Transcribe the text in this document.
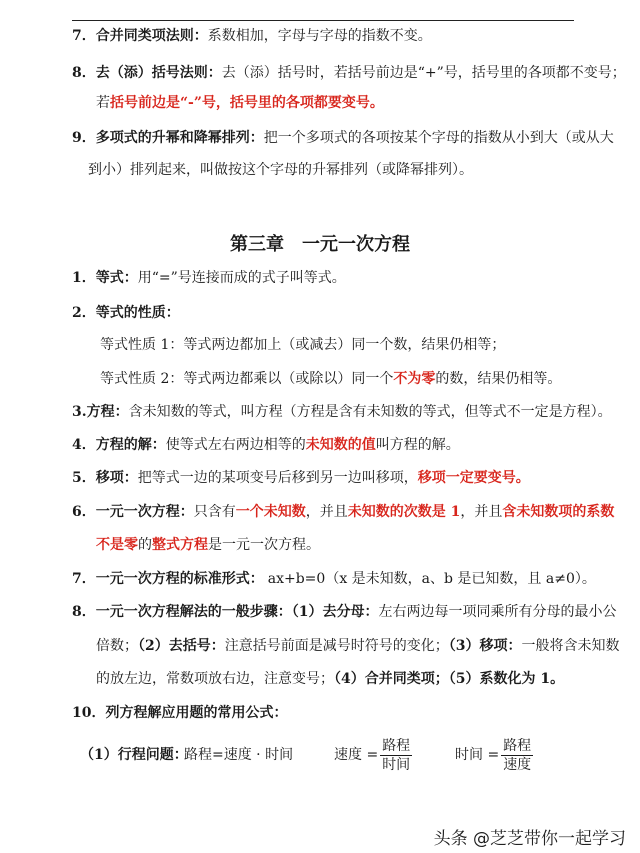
7．合并同类项法则：系数相加，字母与字母的指数不变。
8．去（添）括号法则：去（添）括号时，若括号前边是“+”号，括号里的各项都不变号；
若括号前边是“-”号，括号里的各项都要变号。
9．多项式的升幂和降幂排列：把一个多项式的各项按某个字母的指数从小到大（或从大
到小）排列起来，叫做按这个字母的升幂排列（或降幂排列）。
第三章　一元一次方程
1．等式：用“=”号连接而成的式子叫等式。
2．等式的性质：
等式性质 1：等式两边都加上（或减去）同一个数，结果仍相等；
等式性质 2：等式两边都乘以（或除以）同一个不为零的数，结果仍相等。
3.方程：含未知数的等式，叫方程（方程是含有未知数的等式，但等式不一定是方程）。
4．方程的解：使等式左右两边相等的未知数的值叫方程的解。
5．移项：把等式一边的某项变号后移到另一边叫移项，移项一定要变号。
6．一元一次方程：只含有一个未知数，并且未知数的次数是 1，并且含未知数项的系数
不是零的整式方程是一元一次方程。
7．一元一次方程的标准形式： ax+b=0（x 是未知数，a、b 是已知数，且 a≠0）。
8．一元一次方程解法的一般步骤：（1）去分母：左右两边每一项同乘所有分母的最小公
倍数；（2）去括号：注意括号前面是减号时符号的变化；（3）移项：一般将含未知数
的放左边，常数项放右边，注意变号；（4）合并同类项；（5）系数化为 1。
10．列方程解应用题的常用公式：
（1）行程问题：
路程=速度 · 时间	速度 = $\frac{\text{路程}}{\text{时间}}$	时间 = $\frac{\text{路程}}{\text{速度}}$
头条 @芝芝带你一起学习
